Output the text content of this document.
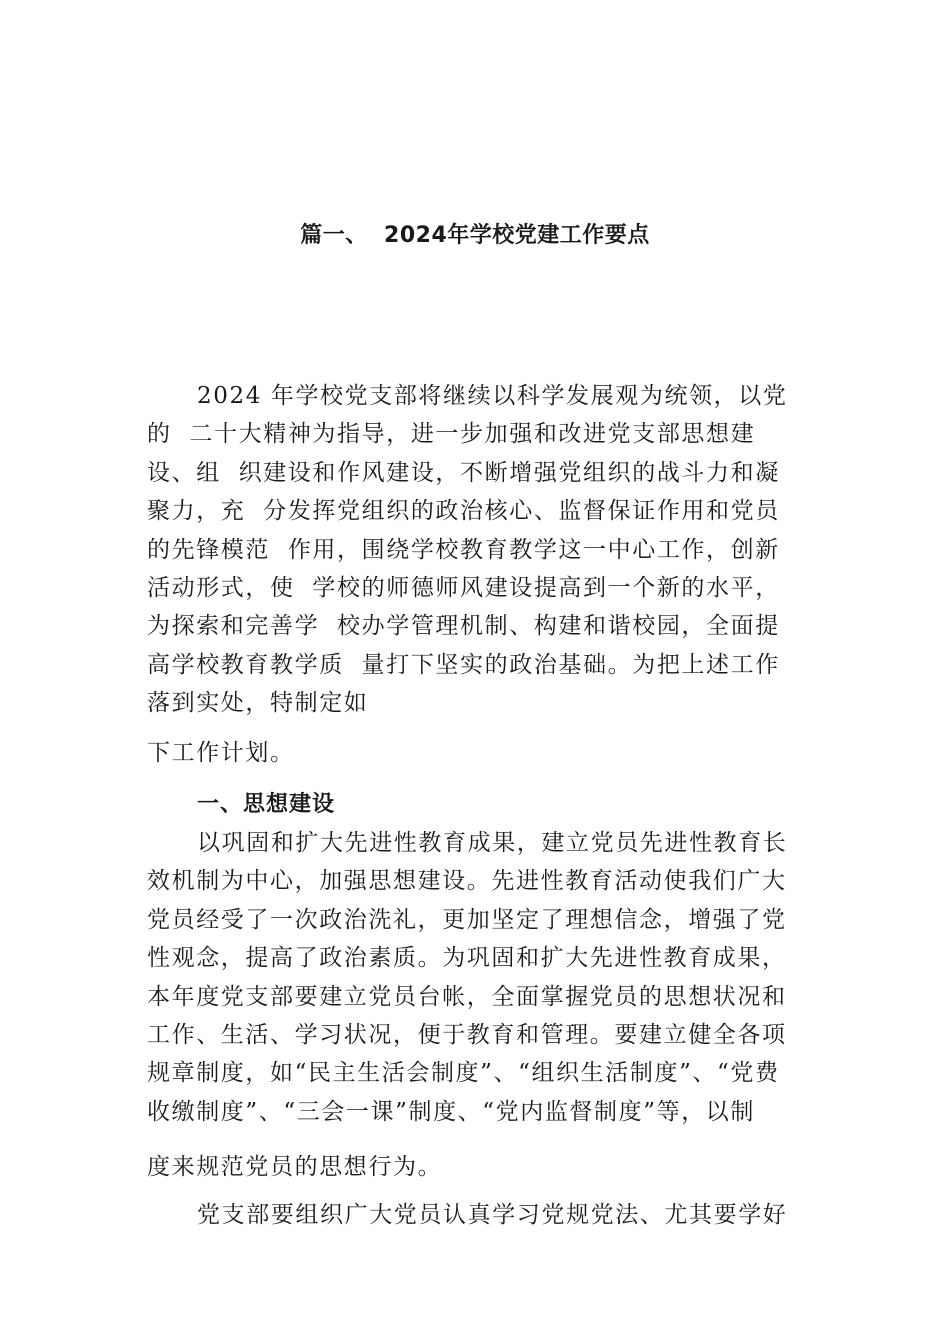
篇一、  2024年学校党建工作要点
2024 年学校党支部将继续以科学发展观为统领，以党
的  二十大精神为指导，进一步加强和改进党支部思想建
设、组  织建设和作风建设，不断增强党组织的战斗力和凝
聚力，充  分发挥党组织的政治核心、监督保证作用和党员
的先锋模范  作用，围绕学校教育教学这一中心工作，创新
活动形式，使  学校的师德师风建设提高到一个新的水平，
为探索和完善学  校办学管理机制、构建和谐校园，全面提
高学校教育教学质  量打下坚实的政治基础。为把上述工作
落到实处，特制定如
下工作计划。
一、思想建设
以巩固和扩大先进性教育成果，建立党员先进性教育长
效机制为中心，加强思想建设。先进性教育活动使我们广大
党员经受了一次政治洗礼，更加坚定了理想信念，增强了党
性观念，提高了政治素质。为巩固和扩大先进性教育成果，
本年度党支部要建立党员台帐，全面掌握党员的思想状况和
工作、生活、学习状况，便于教育和管理。要建立健全各项
规章制度，如“民主生活会制度”、“组织生活制度”、“党费
收缴制度”、“三会一课”制度、“党内监督制度”等，以制
度来规范党员的思想行为。
党支部要组织广大党员认真学习党规党法、尤其要学好
